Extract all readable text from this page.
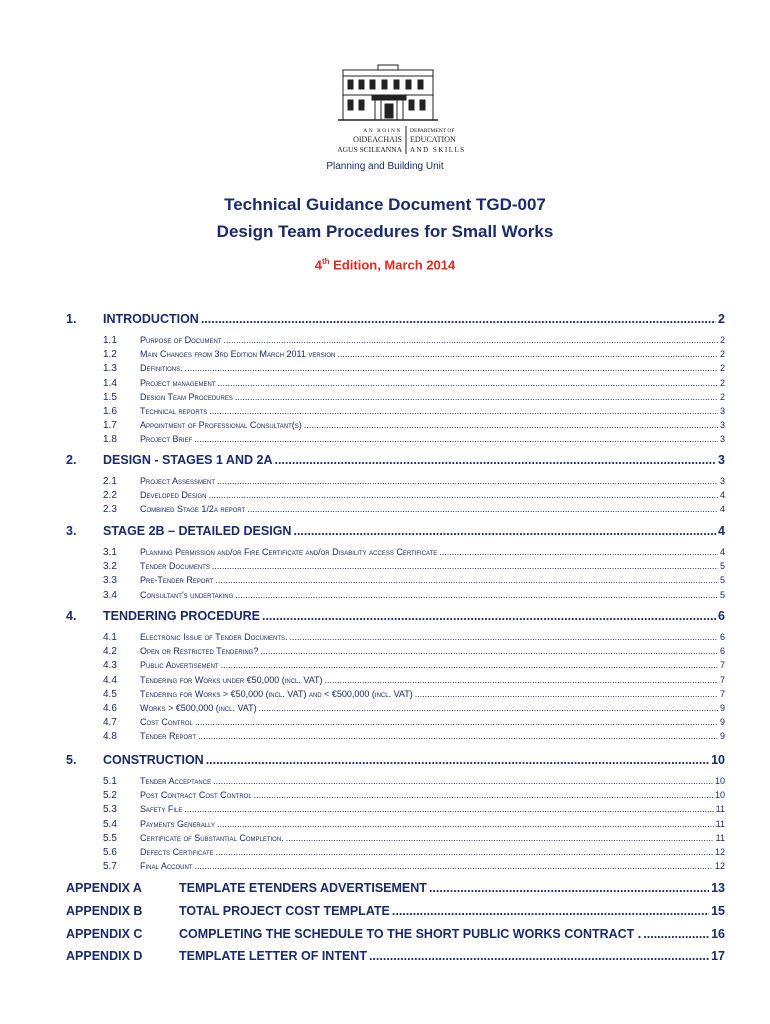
AN ROINN
OIDEACHAIS
AGUS SCILEANNA
DEPARTMENT OF
EDUCATION
AND SKILLS
Planning and Building Unit
Technical Guidance Document TGD-007
Design Team Procedures for Small Works
4th Edition, March 2014
1. INTRODUCTION .....	2
1.1	Purpose of Document .....	2
1.2	Main Changes from 3rd Edition March 2011 version .....	2
1.3	Definitions. .....	2
1.4	Project management .....	2
1.5	Design Team Procedures .....	2
1.6	Technical reports .....	3
1.7	Appointment of Professional Consultant(s) .....	3
1.8	Project Brief .....	3
2. DESIGN - STAGES 1 AND 2A .....	3
2.1	Project Assessment .....	3
2.2	Developed Design .....	4
2.3	Combined Stage 1/2a report .....	4
3. STAGE 2B – DETAILED DESIGN .....	4
3.1	Planning Permission and/or Fire Certificate and/or Disability access Certificate .....	4
3.2	Tender Documents .....	5
3.3	Pre-Tender Report .....	5
3.4	Consultant's undertaking .....	5
4. TENDERING PROCEDURE .....	6
4.1	Electronic Issue of Tender Documents. .....	6
4.2	Open or Restricted Tendering? .....	6
4.3	Public Advertisement .....	7
4.4	Tendering for Works under €50,000 (incl. VAT) .....	7
4.5	Tendering for Works > €50,000 (incl. VAT) and < €500,000 (incl. VAT) .....	7
4.6	Works > €500,000 (incl. VAT) .....	9
4.7	Cost Control .....	9
4.8	Tender Report .....	9
5. CONSTRUCTION .....	10
5.1	Tender Acceptance .....	10
5.2	Post Contract Cost Control .....	10
5.3	Safety File .....	11
5.4	Payments Generally .....	11
5.5	Certificate of Substantial Completion. .....	11
5.6	Defects Certificate .....	12
5.7	Final Account .....	12
APPENDIX A	TEMPLATE ETENDERS ADVERTISEMENT .....	13
APPENDIX B	TOTAL PROJECT COST TEMPLATE .....	15
APPENDIX C	COMPLETING THE SCHEDULE TO THE SHORT PUBLIC WORKS CONTRACT . .....	16
APPENDIX D	TEMPLATE LETTER OF INTENT .....	17
